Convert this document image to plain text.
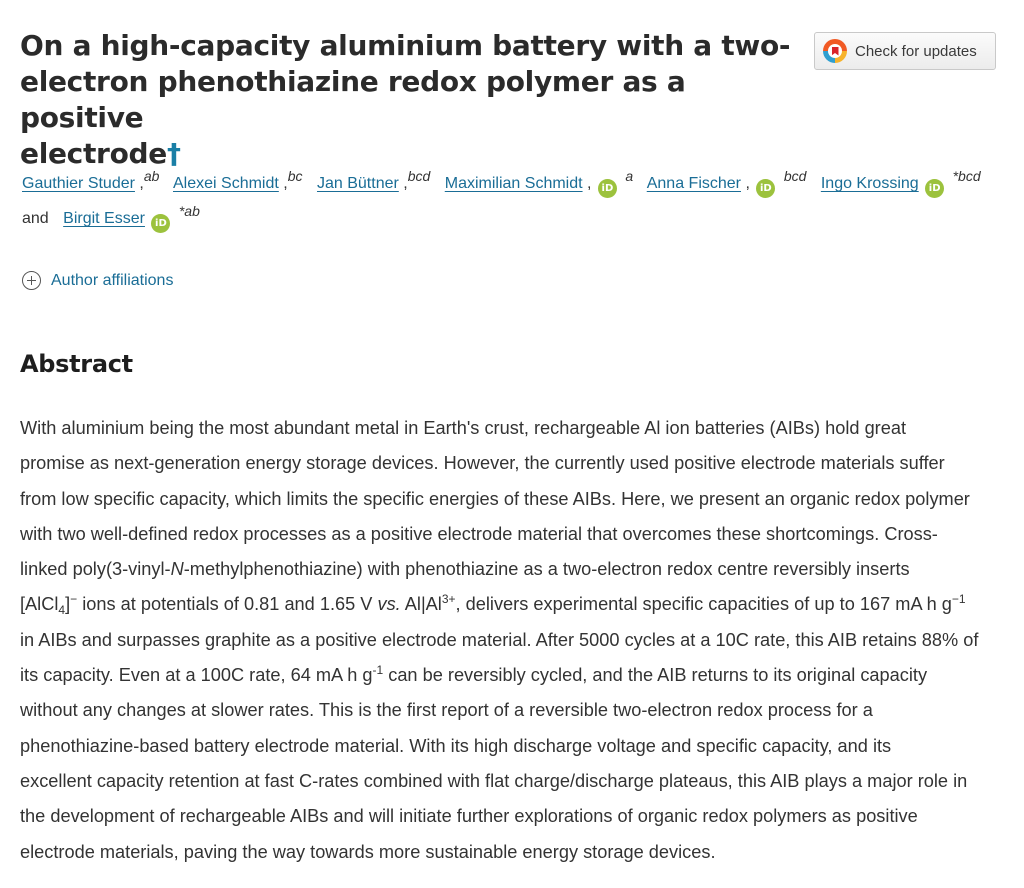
On a high-capacity aluminium battery with a two-
electron phenothiazine redox polymer as a positive
electrode†
Check for updates
Gauthier Studer ,ab Alexei Schmidt ,bc Jan Büttner ,bcd Maximilian Schmidt , iD a Anna Fischer , iD bcd Ingo Krossing iD *bcd
and Birgit Esser iD *ab
Author affiliations
Abstract
With aluminium being the most abundant metal in Earth's crust, rechargeable Al ion batteries (AIBs) hold great
promise as next-generation energy storage devices. However, the currently used positive electrode materials suffer
from low specific capacity, which limits the specific energies of these AIBs. Here, we present an organic redox polymer
with two well-defined redox processes as a positive electrode material that overcomes these shortcomings. Cross-
linked poly(3-vinyl-N-methylphenothiazine) with phenothiazine as a two-electron redox centre reversibly inserts
[AlCl$_4$]− ions at potentials of 0.81 and 1.65 V vs. $Al|Al^{3+}$, delivers experimental specific capacities of up to 167 mA h $g^{-1}$
in AIBs and surpasses graphite as a positive electrode material. After 5000 cycles at a 10C rate, this AIB retains 88% of
its capacity. Even at a 100C rate, 64 mA h $g^{-1}$ can be reversibly cycled, and the AIB returns to its original capacity
without any changes at slower rates. This is the first report of a reversible two-electron redox process for a
phenothiazine-based battery electrode material. With its high discharge voltage and specific capacity, and its
excellent capacity retention at fast C-rates combined with flat charge/discharge plateaus, this AIB plays a major role in
the development of rechargeable AIBs and will initiate further explorations of organic redox polymers as positive
electrode materials, paving the way towards more sustainable energy storage devices.
